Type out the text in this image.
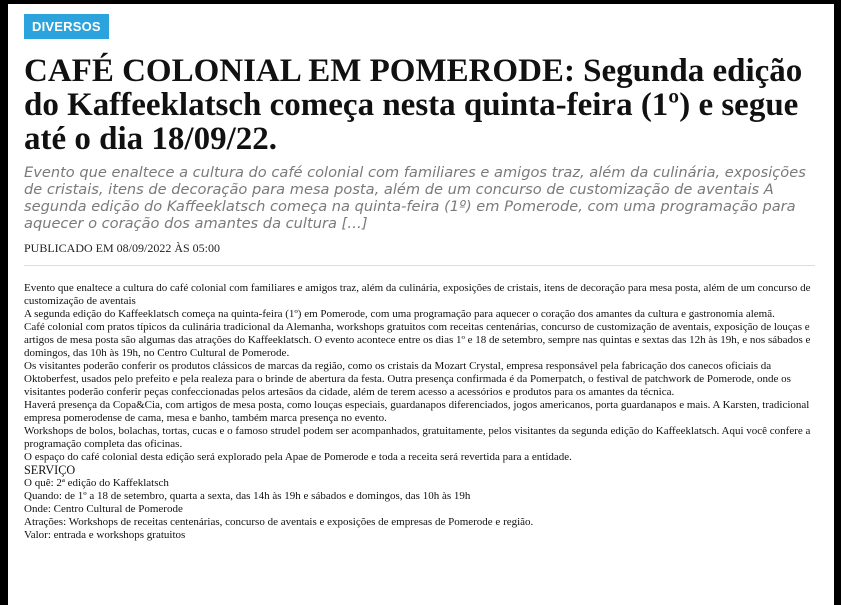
DIVERSOS
CAFÉ COLONIAL EM POMERODE: Segunda edição do Kaffeeklatsch começa nesta quinta-feira (1º) e segue até o dia 18/09/22.

Evento que enaltece a cultura do café colonial com familiares e amigos traz, além da culinária, exposições de cristais, itens de decoração para mesa posta, além de um concurso de customização de aventais A segunda edição do Kaffeeklatsch começa na quinta-feira (1º) em Pomerode, com uma programação para aquecer o coração dos amantes da cultura […]

PUBLICADO EM 08/09/2022 ÀS 05:00

Evento que enaltece a cultura do café colonial com familiares e amigos traz, além da culinária, exposições de cristais, itens de decoração para mesa posta, além de um concurso de customização de aventais

A segunda edição do Kaffeeklatsch começa na quinta-feira (1º) em Pomerode, com uma programação para aquecer o coração dos amantes da cultura e gastronomia alemã.

Café colonial com pratos típicos da culinária tradicional da Alemanha, workshops gratuitos com receitas centenárias, concurso de customização de aventais, exposição de louças e artigos de mesa posta são algumas das atrações do Kaffeeklatsch. O evento acontece entre os dias 1º e 18 de setembro, sempre nas quintas e sextas das 12h às 19h, e nos sábados e domingos, das 10h às 19h, no Centro Cultural de Pomerode.

Os visitantes poderão conferir os produtos clássicos de marcas da região, como os cristais da Mozart Crystal, empresa responsável pela fabricação dos canecos oficiais da Oktoberfest, usados pelo prefeito e pela realeza para o brinde de abertura da festa. Outra presença confirmada é da Pomerpatch, o festival de patchwork de Pomerode, onde os visitantes poderão conferir peças confeccionadas pelos artesãos da cidade, além de terem acesso a acessórios e produtos para os amantes da técnica.

Haverá presença da Copa&Cia, com artigos de mesa posta, como louças especiais, guardanapos diferenciados, jogos americanos, porta guardanapos e mais. A Karsten, tradicional empresa pomerodense de cama, mesa e banho, também marca presença no evento.

Workshops de bolos, bolachas, tortas, cucas e o famoso strudel podem ser acompanhados, gratuitamente, pelos visitantes da segunda edição do Kaffeeklatsch. Aqui você confere a programação completa das oficinas.

O espaço do café colonial desta edição será explorado pela Apae de Pomerode e toda a receita será revertida para a entidade.

SERVIÇO

O quê: 2ª edição do Kaffeklatsch

Quando: de 1º a 18 de setembro, quarta a sexta, das 14h às 19h e sábados e domingos, das 10h às 19h

Onde: Centro Cultural de Pomerode

Atrações: Workshops de receitas centenárias, concurso de aventais e exposições de empresas de Pomerode e região.

Valor: entrada e workshops gratuitos
